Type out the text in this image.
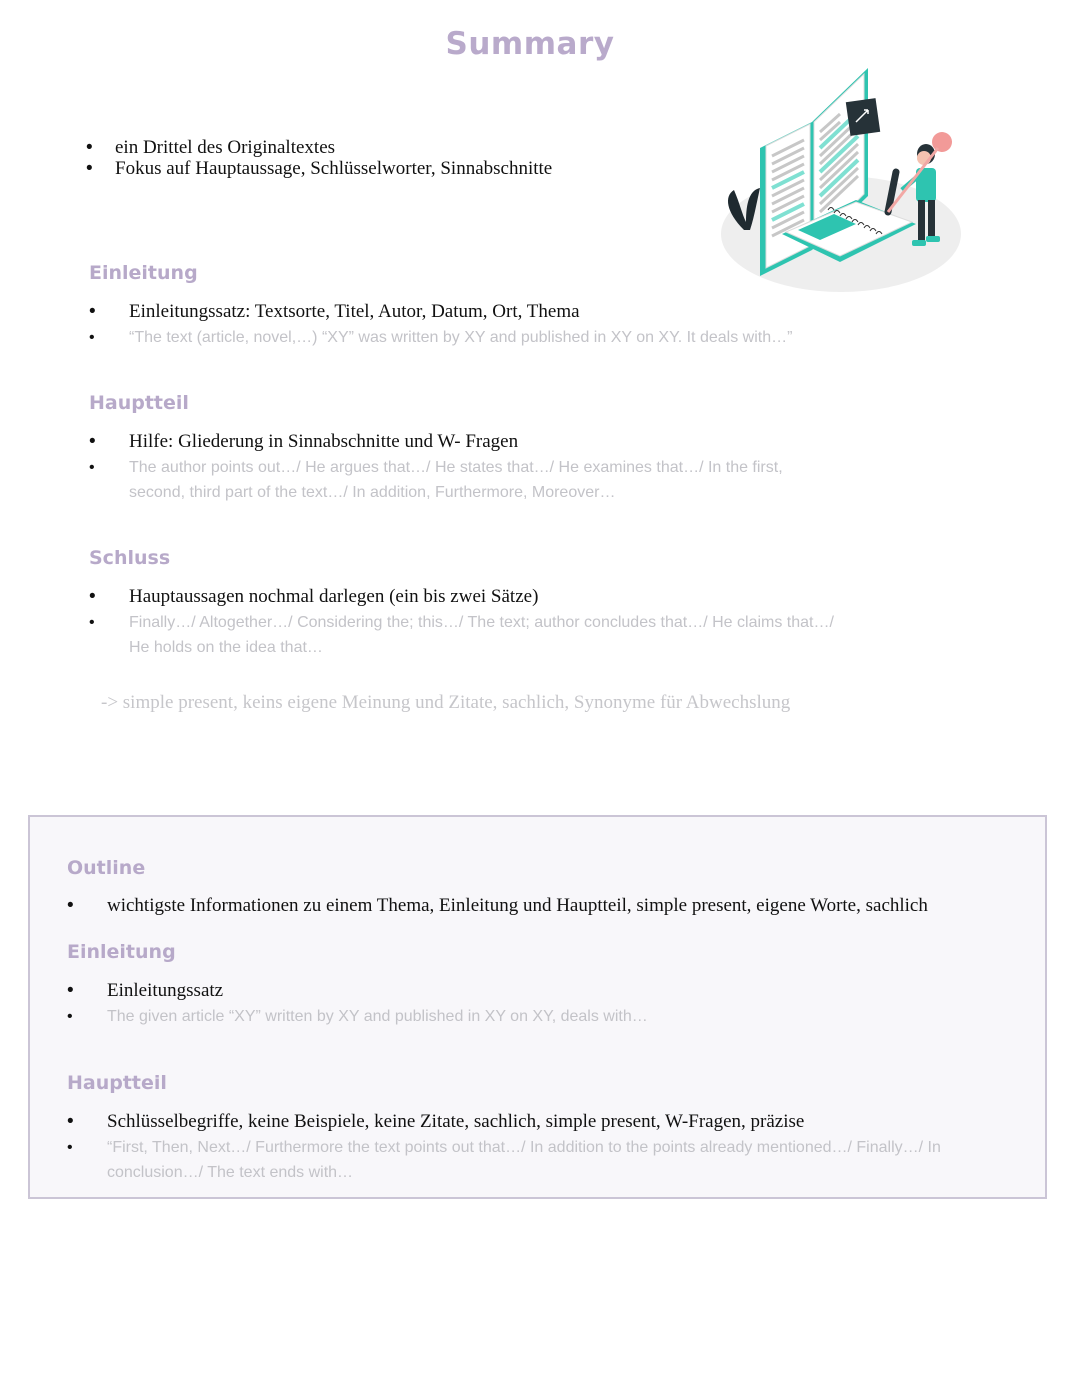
Summary
• ein Drittel des Originaltextes
• Fokus auf Hauptaussage, Schlüsselworter, Sinnabschnitte
Einleitung
• Einleitungssatz: Textsorte, Titel, Autor, Datum, Ort, Thema
• “The text (article, novel,…) “XY” was written by XY and published in XY on XY. It deals with…”
Hauptteil
• Hilfe: Gliederung in Sinnabschnitte und W- Fragen
• The author points out…/ He argues that…/ He states that…/ He examines that…/ In the first,
second, third part of the text…/ In addition, Furthermore, Moreover…
Schluss
• Hauptaussagen nochmal darlegen (ein bis zwei Sätze)
• Finally…/ Altogether…/ Considering the; this…/ The text; author concludes that…/ He claims that…/
He holds on the idea that…
-> simple present, keins eigene Meinung und Zitate, sachlich, Synonyme für Abwechslung
Outline
• wichtigste Informationen zu einem Thema, Einleitung und Hauptteil, simple present, eigene Worte, sachlich
Einleitung
• Einleitungssatz
• The given article “XY” written by XY and published in XY on XY, deals with…
Hauptteil
• Schlüsselbegriffe, keine Beispiele, keine Zitate, sachlich, simple present, W-Fragen, präzise
• “First, Then, Next…/ Furthermore the text points out that…/ In addition to the points already mentioned…/ Finally…/ In
conclusion…/ The text ends with…
